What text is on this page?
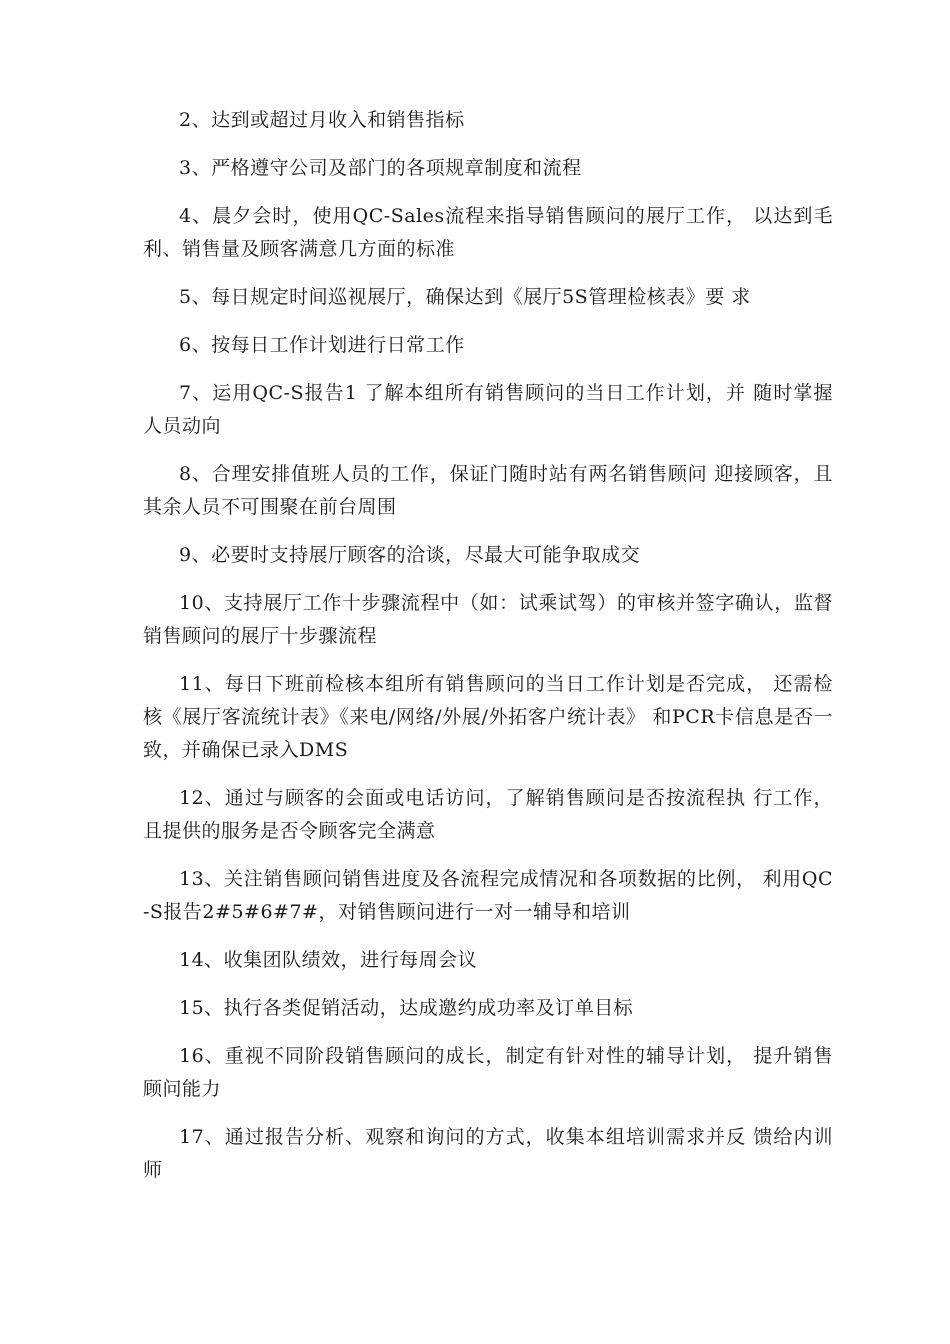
2、达到或超过月收入和销售指标

3、严格遵守公司及部门的各项规章制度和流程

4、晨夕会时，使用QC-Sales流程来指导销售顾问的展厅工作， 以达到毛利、销售量及顾客满意几方面的标准

5、每日规定时间巡视展厅，确保达到《展厅5S管理检核表》要 求

6、按每日工作计划进行日常工作

7、运用QC-S报告1 了解本组所有销售顾问的当日工作计划，并 随时掌握人员动向

8、合理安排值班人员的工作，保证门随时站有两名销售顾问 迎接顾客，且其余人员不可围聚在前台周围

9、必要时支持展厅顾客的洽谈，尽最大可能争取成交

10、支持展厅工作十步骤流程中（如：试乘试驾）的审核并签字确认，监督销售顾问的展厅十步骤流程

11、每日下班前检核本组所有销售顾问的当日工作计划是否完成， 还需检核《展厅客流统计表》《来电/网络/外展/外拓客户统计表》 和PCR卡信息是否一致，并确保已录入DMS

12、通过与顾客的会面或电话访问，了解销售顾问是否按流程执 行工作，且提供的服务是否令顾客完全满意

13、关注销售顾问销售进度及各流程完成情况和各项数据的比例， 利用QC-S报告2#5#6#7#，对销售顾问进行一对一辅导和培训

14、收集团队绩效，进行每周会议

15、执行各类促销活动，达成邀约成功率及订单目标

16、重视不同阶段销售顾问的成长，制定有针对性的辅导计划， 提升销售顾问能力

17、通过报告分析、观察和询问的方式，收集本组培训需求并反 馈给内训师
